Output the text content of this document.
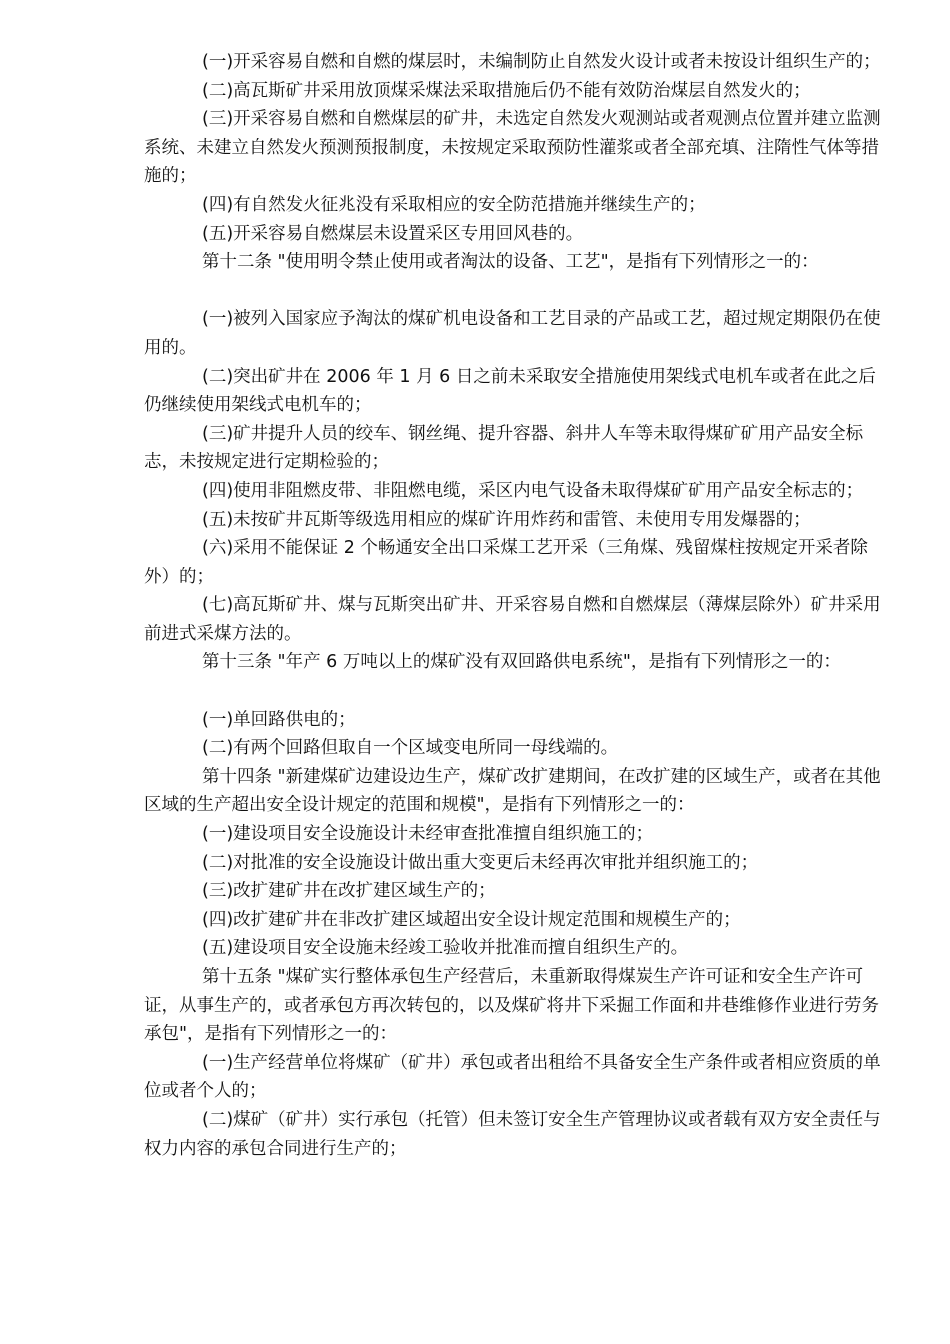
(一)开采容易自燃和自燃的煤层时，未编制防止自然发火设计或者未按设计组织生产的；

(二)高瓦斯矿井采用放顶煤采煤法采取措施后仍不能有效防治煤层自然发火的；

(三)开采容易自燃和自燃煤层的矿井，未选定自然发火观测站或者观测点位置并建立监测系统、未建立自然发火预测预报制度，未按规定采取预防性灌浆或者全部充填、注隋性气体等措施的；

(四)有自然发火征兆没有采取相应的安全防范措施并继续生产的；

(五)开采容易自燃煤层未设置采区专用回风巷的。

第十二条 "使用明令禁止使用或者淘汰的设备、工艺"，是指有下列情形之一的：

(一)被列入国家应予淘汰的煤矿机电设备和工艺目录的产品或工艺，超过规定期限仍在使用的。

(二)突出矿井在 2006 年 1 月 6 日之前未采取安全措施使用架线式电机车或者在此之后仍继续使用架线式电机车的；

(三)矿井提升人员的绞车、钢丝绳、提升容器、斜井人车等未取得煤矿矿用产品安全标志，未按规定进行定期检验的；

(四)使用非阻燃皮带、非阻燃电缆，采区内电气设备未取得煤矿矿用产品安全标志的；

(五)未按矿井瓦斯等级选用相应的煤矿许用炸药和雷管、未使用专用发爆器的；

(六)采用不能保证 2 个畅通安全出口采煤工艺开采（三角煤、残留煤柱按规定开采者除外）的；

(七)高瓦斯矿井、煤与瓦斯突出矿井、开采容易自燃和自燃煤层（薄煤层除外）矿井采用前进式采煤方法的。

第十三条 "年产 6 万吨以上的煤矿没有双回路供电系统"，是指有下列情形之一的：

(一)单回路供电的；

(二)有两个回路但取自一个区域变电所同一母线端的。

第十四条 "新建煤矿边建设边生产，煤矿改扩建期间，在改扩建的区域生产，或者在其他区域的生产超出安全设计规定的范围和规模"，是指有下列情形之一的：

(一)建设项目安全设施设计未经审查批准擅自组织施工的；

(二)对批准的安全设施设计做出重大变更后未经再次审批并组织施工的；

(三)改扩建矿井在改扩建区域生产的；

(四)改扩建矿井在非改扩建区域超出安全设计规定范围和规模生产的；

(五)建设项目安全设施未经竣工验收并批准而擅自组织生产的。

第十五条 "煤矿实行整体承包生产经营后，未重新取得煤炭生产许可证和安全生产许可证，从事生产的，或者承包方再次转包的，以及煤矿将井下采掘工作面和井巷维修作业进行劳务承包"，是指有下列情形之一的：

(一)生产经营单位将煤矿（矿井）承包或者出租给不具备安全生产条件或者相应资质的单位或者个人的；

(二)煤矿（矿井）实行承包（托管）但未签订安全生产管理协议或者载有双方安全责任与权力内容的承包合同进行生产的；
